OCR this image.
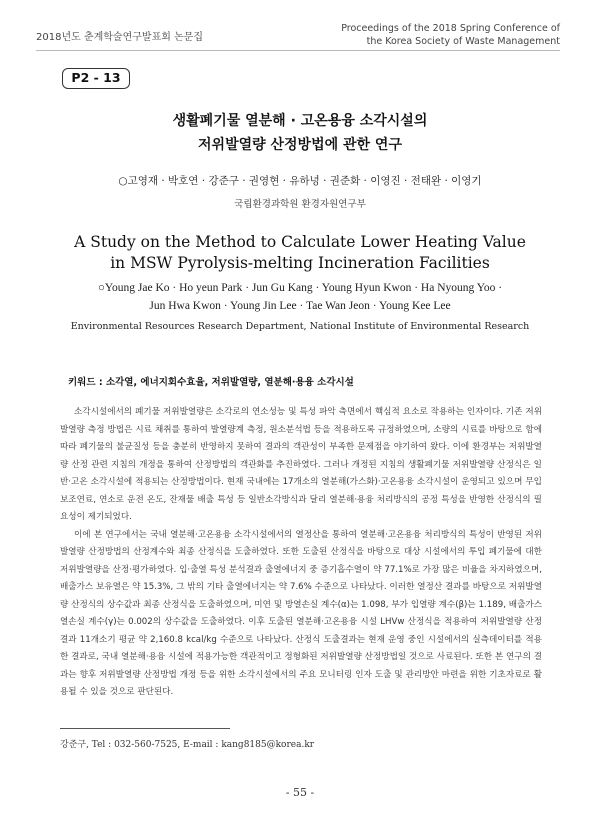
2018년도 춘계학술연구발표회 논문집
Proceedings of the 2018 Spring Conference of
the Korea Society of Waste Management
P2 - 13
생활폐기물 열분해 · 고온용융 소각시설의
저위발열량 산정방법에 관한 연구
○고영재 · 박호연 · 강준구 · 권영현 · 유하녕 · 권준화 · 이영진 · 전태완 · 이영기
국립환경과학원 환경자원연구부
A Study on the Method to Calculate Lower Heating Value
in MSW Pyrolysis-melting Incineration Facilities
○Young Jae Ko · Ho yeun Park · Jun Gu Kang · Young Hyun Kwon · Ha Nyoung Yoo ·
Jun Hwa Kwon · Young Jin Lee · Tae Wan Jeon · Young Kee Lee
Environmental Resources Research Department, National Institute of Environmental Research
키워드 : 소각열, 에너지회수효율, 저위발열량, 열분해·용융 소각시설

소각시설에서의 폐기물 저위발열량은 소각로의 연소성능 및 특성 파악 측면에서 핵심적 요소로 작용하는 인자이다. 기존 저위발열량 측정 방법은 시료 채취를 통하여 발열량계 측정, 원소분석법 등을 적용하도록 규정하였으며, 소량의 시료를 바탕으로 함에 따라 폐기물의 불균질성 등을 충분히 반영하지 못하여 결과의 객관성이 부족한 문제점을 야기하여 왔다. 이에 환경부는 저위발열량 산정 관련 지침의 개정을 통하여 산정방법의 객관화를 추진하였다. 그러나 개정된 지침의 생활폐기물 저위발열량 산정식은 일반·고온 소각시설에 적용되는 산정방법이다. 현재 국내에는 17개소의 열분해(가스화)·고온용융 소각시설이 운영되고 있으며 무입 보조연료, 연소로 운전 온도, 잔재물 배출 특성 등 일반소각방식과 달리 열분해·용융 처리방식의 공정 특성을 반영한 산정식의 필요성이 제기되었다.

이에 본 연구에서는 국내 열분해·고온용융 소각시설에서의 열정산을 통하여 열분해·고온용융 처리방식의 특성이 반영된 저위발열량 산정방법의 산정계수와 최종 산정식을 도출하였다. 또한 도출된 산정식을 바탕으로 대상 시설에서의 투입 폐기물에 대한 저위발열량을 산정·평가하였다. 입·출열 특성 분석결과 출열에너지 중 증기흡수열이 약 77.1%로 가장 많은 비율을 차지하였으며, 배출가스 보유열은 약 15.3%, 그 밖의 기타 출열에너지는 약 7.6% 수준으로 나타났다. 이러한 열정산 결과를 바탕으로 저위발열량 산정식의 상수값과 최종 산정식을 도출하였으며, 미연 및 방열손실 계수(α)는 1.098, 부가 입열량 계수(β)는 1.189, 배출가스 열손실 계수(γ)는 0.002의 상수값을 도출하였다. 이후 도출된 열분해·고온용융 시설 LHVw 산정식을 적용하여 저위발열량 산정 결과 11개소기 평균 약 2,160.8 kcal/kg 수준으로 나타났다. 산정식 도출결과는 현재 운영 중인 시설에서의 실측데이터를 적용한 결과로, 국내 열분해·용융 시설에 적용가능한 객관적이고 정형화된 저위발열량 산정방법일 것으로 사료된다. 또한 본 연구의 결과는 향후 저위발열량 산정방법 개정 등을 위한 소각시설에서의 주요 모니터링 인자 도출 및 관리방안 마련을 위한 기초자료로 활용될 수 있을 것으로 판단된다.

강준구, Tel : 032-560-7525, E-mail : kang8185@korea.kr
- 55 -
